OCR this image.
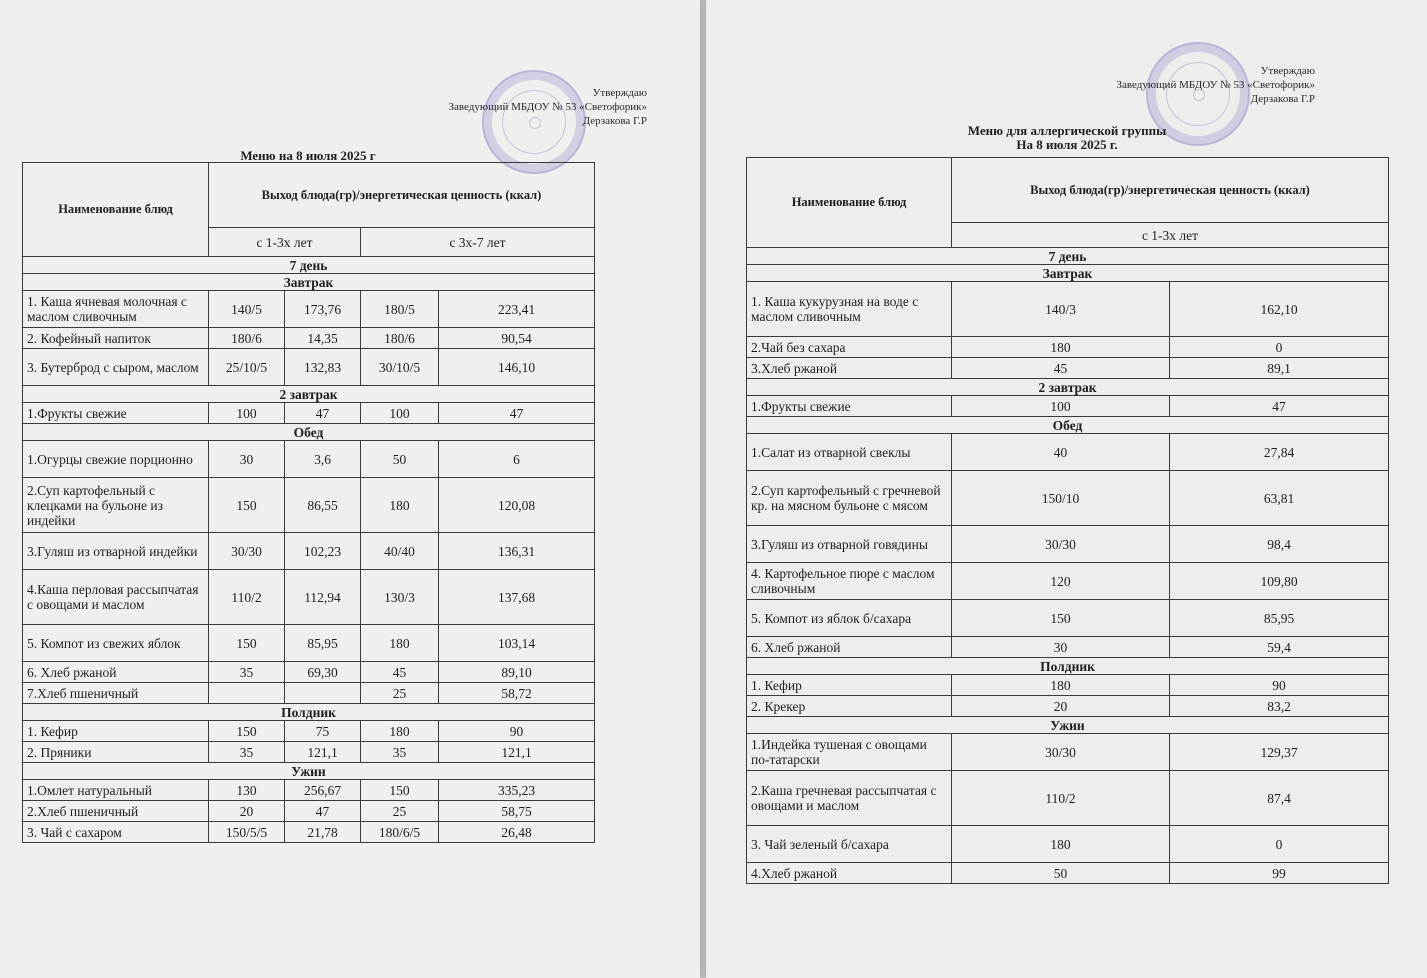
Утверждаю
Заведующий МБДОУ № 53 «Светофорик»
Дерзакова Г.Р
Меню на 8 июля 2025 г
Наименование блюд	Выход блюда(гр)/энергетическая ценность (ккал)			
	с 1-3х лет		с 3х-7 лет	
7 день				
Завтрак				
1. Каша ячневая молочная с маслом сливочным	140/5	173,76	180/5	223,41
2. Кофейный напиток	180/6	14,35	180/6	90,54
3. Бутерброд с сыром, маслом	25/10/5	132,83	30/10/5	146,10
2 завтрак				
1.Фрукты свежие	100	47	100	47
Обед				
1.Огурцы свежие порционно	30	3,6	50	6
2.Суп картофельный с клецками на бульоне из индейки	150	86,55	180	120,08
3.Гуляш из отварной индейки	30/30	102,23	40/40	136,31
4.Каша перловая рассыпчатая с овощами и маслом	110/2	112,94	130/3	137,68
5. Компот из свежих яблок	150	85,95	180	103,14
6. Хлеб ржаной	35	69,30	45	89,10
7.Хлеб пшеничный			25	58,72
Полдник				
1. Кефир	150	75	180	90
2. Пряники	35	121,1	35	121,1
Ужин				
1.Омлет натуральный	130	256,67	150	335,23
2.Хлеб пшеничный	20	47	25	58,75
3. Чай с сахаром	150/5/5	21,78	180/6/5	26,48
Утверждаю
Заведующий МБДОУ № 53 «Светофорик»
Дерзакова Г.Р
Меню для аллергической группы
На 8 июля 2025 г.
Наименование блюд	Выход блюда(гр)/энергетическая ценность (ккал)	
	с 1-3х лет	
7 день		
Завтрак		
1. Каша кукурузная на воде с маслом сливочным	140/3	162,10
2.Чай без сахара	180	0
3.Хлеб ржаной	45	89,1
2 завтрак		
1.Фрукты свежие	100	47
Обед		
1.Салат из отварной свеклы	40	27,84
2.Суп картофельный с гречневой кр. на мясном бульоне с мясом	150/10	63,81
3.Гуляш из отварной говядины	30/30	98,4
4. Картофельное пюре с маслом сливочным	120	109,80
5. Компот из яблок б/сахара	150	85,95
6. Хлеб ржаной	30	59,4
Полдник		
1. Кефир	180	90
2. Крекер	20	83,2
Ужин		
1.Индейка тушеная с овощами по-татарски	30/30	129,37
2.Каша гречневая рассыпчатая с овощами и маслом	110/2	87,4
3. Чай зеленый б/сахара	180	0
4.Хлеб ржаной	50	99
